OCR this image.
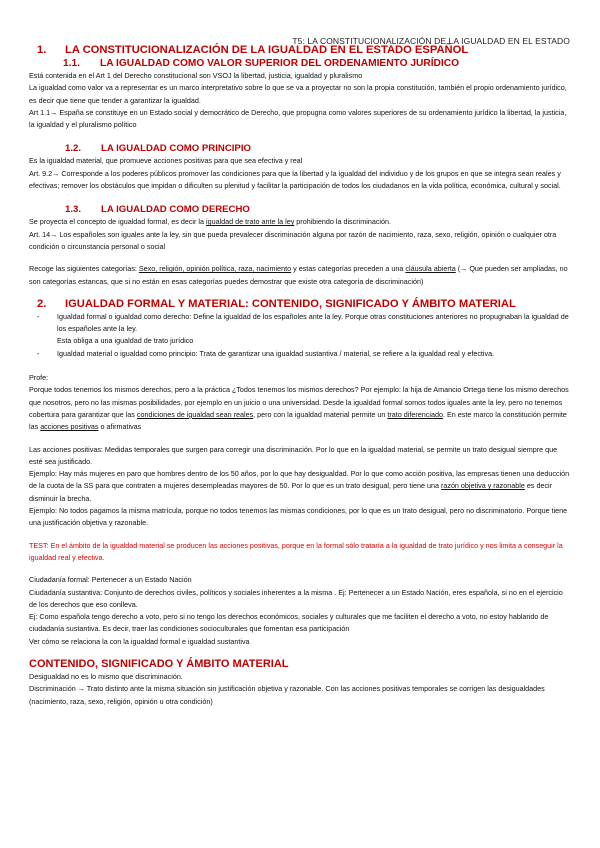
T5: LA CONSTITUCIONALIZACIÓN DE LA IGUALDAD EN EL ESTADO
1. LA CONSTITUCIONALIZACIÓN DE LA IGUALDAD EN EL ESTADO ESPAÑOL
1.1. LA IGUALDAD COMO VALOR SUPERIOR DEL ORDENAMIENTO JURÍDICO

Está contenida en el Art 1 del Derecho constitucional son VSOJ la libertad, justicia, igualdad y pluralismo

La igualdad como valor va a representar es un marco interpretativo sobre lo que se va a proyectar no son la propia constitución, también el propio ordenamiento jurídico, es decir que tiene que tender a garantizar la igualdad.

Art 1.1→ España se constituye en un Estado social y democrático de Derecho, que propugna como valores superiores de su ordenamiento jurídico la libertad, la justicia, la igualdad y el pluralismo político

1.2. LA IGUALDAD COMO PRINCIPIO

Es la igualdad material, que promueve acciones positivas para que sea efectiva y real

Art. 9.2→ Corresponde a los poderes públicos promover las condiciones para que la libertad y la igualdad del individuo y de los grupos en que se integra sean reales y efectivas; remover los obstáculos que impidan o dificulten su plenitud y facilitar la participación de todos los ciudadanos en la vida política, económica, cultural y social.

1.3. LA IGUALDAD COMO DERECHO

Se proyecta el concepto de igualdad formal, es decir la igualdad de trato ante la ley prohibiendo la discriminación.

Art. 14→ Los españoles son iguales ante la ley, sin que pueda prevalecer discriminación alguna por razón de nacimiento, raza, sexo, religión, opinión o cualquier otra condición o circunstancia personal o social

Recoge las siguientes categorías: Sexo, religión, opinión política, raza, nacimiento y estas categorías preceden a una cláusula abierta (→ Que pueden ser ampliadas, no son categorías estancas, que si no están en esas categorías puedes demostrar que existe otra categoría de discriminación)

2. IGUALDAD FORMAL Y MATERIAL: CONTENIDO, SIGNIFICADO Y ÁMBITO MATERIAL
- Igualdad formal o igualdad como derecho: Define la igualdad de los españoles ante la ley. Porque otras constituciones anteriores no propugnaban la igualdad de los españoles ante la ley.
Esta obliga a una igualdad de trato jurídico
- Igualdad material o igualdad como principio: Trata de garantizar una igualdad sustantiva / material, se refiere a la igualdad real y efectiva.

Profe:

Porque todos tenemos los mismos derechos, pero a la práctica ¿Todos tenemos los mismos derechos? Por ejemplo: la hija de Amancio Ortega tiene los mismo derechos que nosotros, pero no las mismas posibilidades, por ejemplo en un juicio o una universidad. Desde la igualdad formal somos todos iguales ante la ley, pero no tenemos cobertura para garantizar que las condiciones de igualdad sean reales, pero con la igualdad material permite un trato diferenciado. En este marco la constitución permite las acciones positivas o afirmativas

Las acciones positivas: Medidas temporales que surgen para corregir una discriminación. Por lo que en la igualdad material, se permite un trato desigual siempre que esté sea justificado.

Ejemplo: Hay más mujeres en paro que hombres dentro de los 50 años, por lo que hay desigualdad. Por lo que como acción positiva, las empresas tienen una deducción de la cuota de la SS para que contraten a mujeres desempleadas mayores de 50. Por lo que es un trato desigual, pero tiene una razón objetiva y razonable es decir disminuir la brecha.

Ejemplo: No todos pagamos la misma matrícula, porque no todos tenemos las mismas condiciones, por lo que es un trato desigual, pero no discriminatorio. Porque tiene una justificación objetiva y razonable.

TEST: En el ámbito de la igualdad material se producen las acciones positivas, porque en la formal sólo trataría a la igualdad de trato jurídico y nos limita a conseguir la igualdad real y efectiva.

Ciudadanía formal: Pertenecer a un Estado Nación

Ciudadanía sustantiva: Conjunto de derechos civiles, políticos y sociales inherentes a la misma . Ej: Pertenecer a un Estado Nación, eres española, si no en el ejercicio de los derechos que eso conlleva.

Ej: Como española tengo derecho a voto, pero si no tengo los derechos económicos, sociales y culturales que me faciliten el derecho a voto, no estoy hablando de ciudadanía sustantiva. Es decir, traer las condiciones socioculturales que fomentan esa participación

Ver cómo se relaciona la con la igualdad formal e igualdad sustantiva

CONTENIDO, SIGNIFICADO Y ÁMBITO MATERIAL

Desigualdad no es lo mismo que discriminación.

Discriminación → Trato distinto ante la misma situación sin justificación objetiva y razonable. Con las acciones positivas temporales se corrigen las desigualdades (nacimiento, raza, sexo, religión, opinión u otra condición)
